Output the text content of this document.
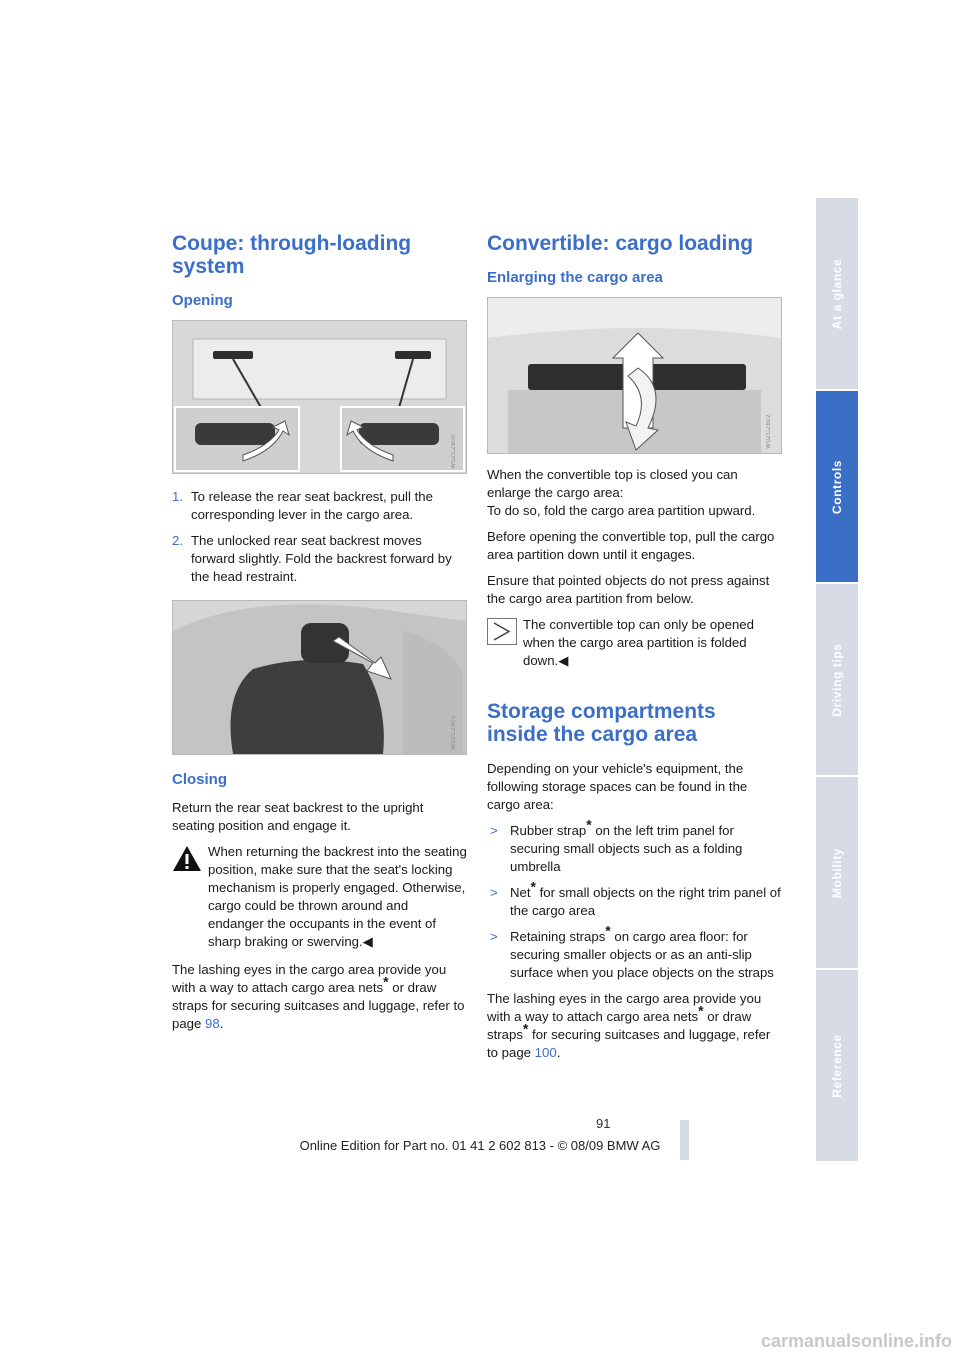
Coupe: through-loading system
Opening
W0ZCZ600
1. To release the rear seat backrest, pull the corresponding lever in the cargo area.
2. The unlocked rear seat backrest moves forward slightly. Fold the backrest forward by the head restraint.
W0ZCZ601
Closing

Return the rear seat backrest to the upright seating position and engage it.

When returning the backrest into the seating position, make sure that the seat's locking mechanism is properly engaged. Otherwise, cargo could be thrown around and endanger the occupants in the event of sharp braking or swerving.◀

The lashing eyes in the cargo area provide you with a way to attach cargo area nets* or draw straps for securing suitcases and luggage, refer to page 98.

Convertible: cargo loading
Enlarging the cargo area
W0ZCZ602

When the convertible top is closed you can enlarge the cargo area:
To do so, fold the cargo area partition upward.

Before opening the convertible top, pull the cargo area partition down until it engages.

Ensure that pointed objects do not press against the cargo area partition from below.

The convertible top can only be opened when the cargo area partition is folded down.◀
Storage compartments inside the cargo area

Depending on your vehicle's equipment, the following storage spaces can be found in the cargo area:

> Rubber strap* on the left trim panel for securing small objects such as a folding umbrella
> Net* for small objects on the right trim panel of the cargo area
> Retaining straps* on cargo area floor: for securing smaller objects or as an anti-slip surface when you place objects on the straps

The lashing eyes in the cargo area provide you with a way to attach cargo area nets* or draw straps* for securing suitcases and luggage, refer to page 100.

At a glance
Controls
Driving tips
Mobility
Reference
91
Online Edition for Part no. 01 41 2 602 813 - © 08/09 BMW AG
carmanualsonline.info
